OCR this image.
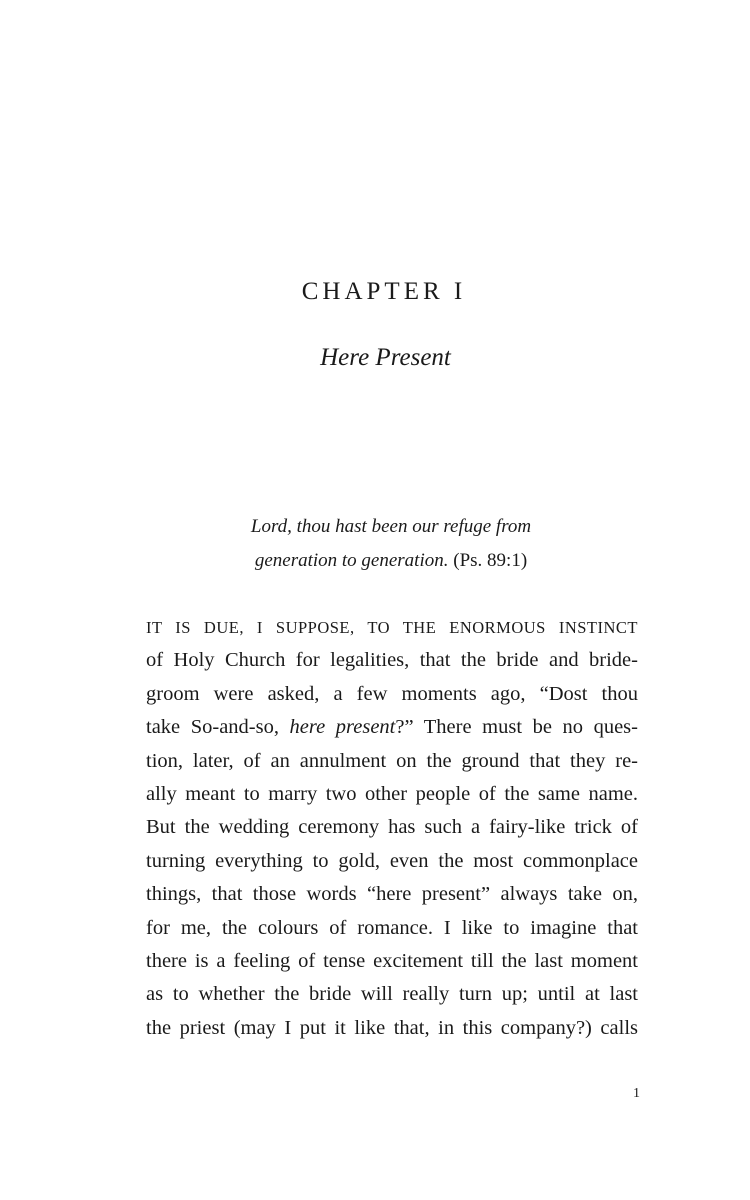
CHAPTER I
Here Present
Lord, thou hast been our refuge from
generation to generation. (Ps. 89:1)
IT IS DUE, I SUPPOSE, TO THE ENORMOUS INSTINCT
of Holy Church for legalities, that the bride and bride-
groom were asked, a few moments ago, “Dost thou
take So-and-so, here present?” There must be no ques-
tion, later, of an annulment on the ground that they re-
ally meant to marry two other people of the same name.
But the wedding ceremony has such a fairy-like trick of
turning everything to gold, even the most commonplace
things, that those words “here present” always take on,
for me, the colours of romance. I like to imagine that
there is a feeling of tense excitement till the last moment
as to whether the bride will really turn up; until at last
the priest (may I put it like that, in this company?) calls
1
